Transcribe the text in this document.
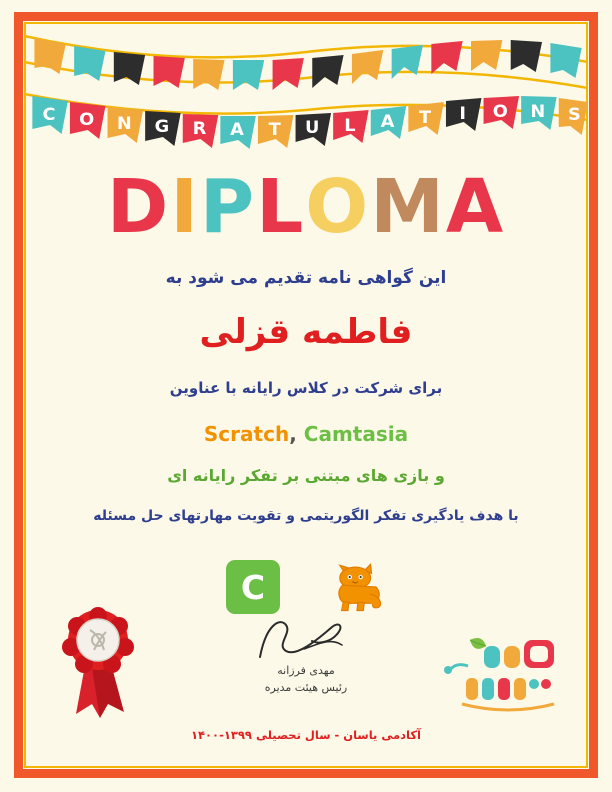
C O N G R A T U L A T I O N S
DIPLOMA
این گواهی نامه تقدیم می شود به
فاطمه قزلی
برای شرکت در کلاس رایانه با عناوین
Scratch, Camtasia
و بازی های مبتنی بر تفکر رایانه ای
با هدف یادگیری تفکر الگوریتمی و تقویت مهارتهای حل مسئله
C
مهدی فرزانه
رئیس هیئت مدیره
آکادمی یاسان - سال تحصیلی ۱۳۹۹-۱۴۰۰
